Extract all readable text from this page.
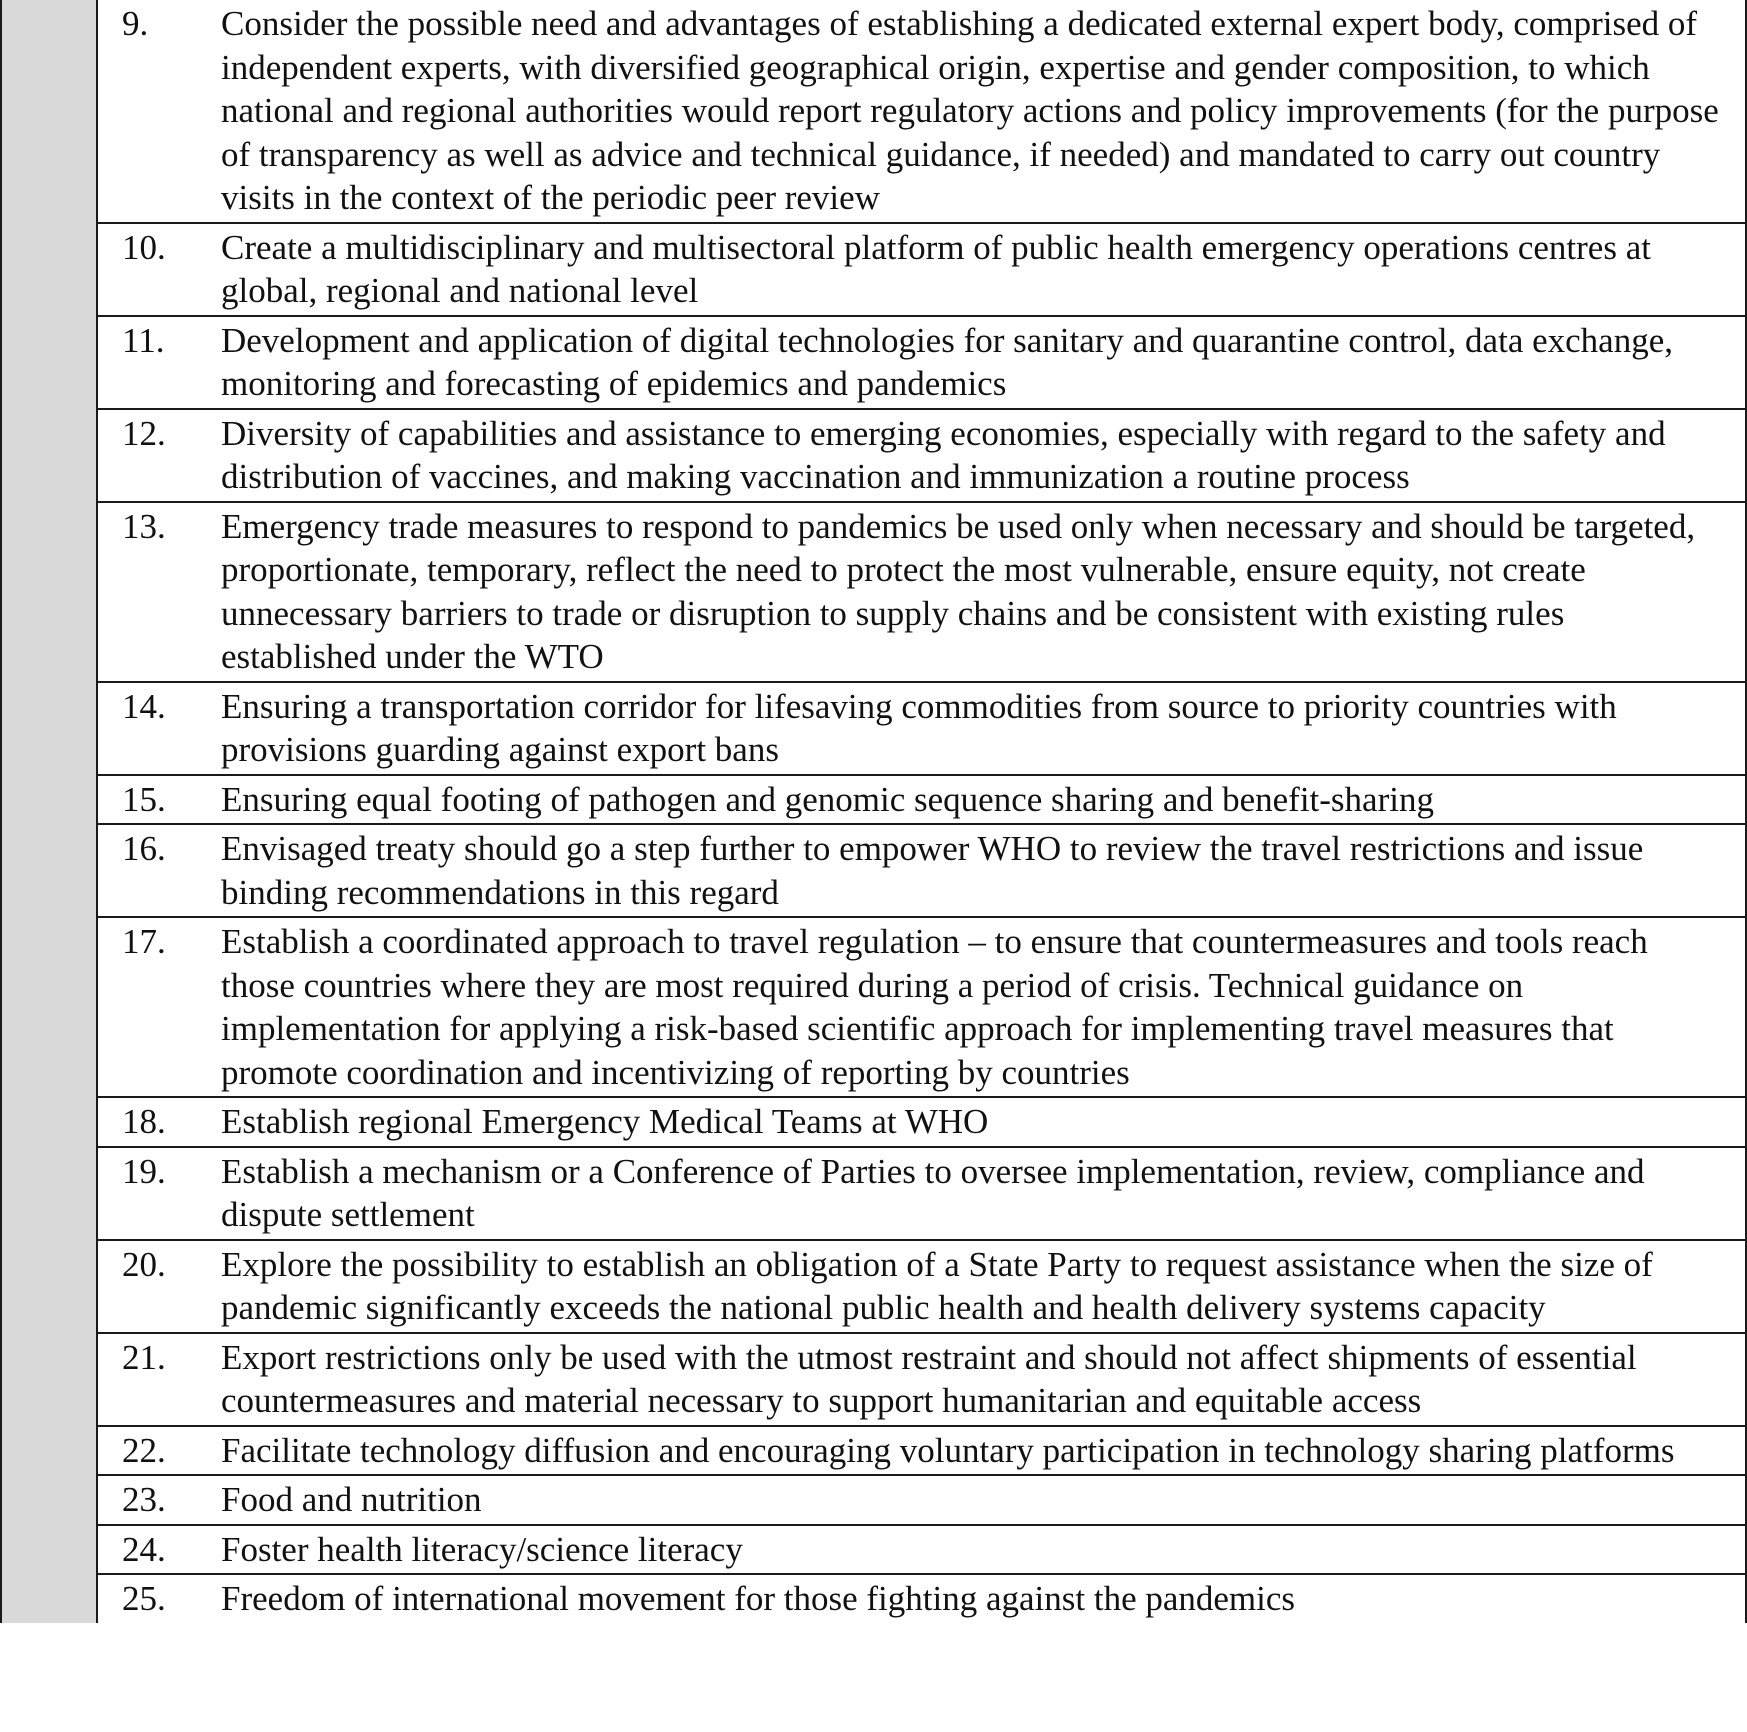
	9.	Consider the possible need and advantages of establishing a dedicated external expert body, comprised of independent experts, with diversified geographical origin, expertise and gender composition, to which national and regional authorities would report regulatory actions and policy improvements (for the purpose of transparency as well as advice and technical guidance, if needed) and mandated to carry out country visits in the context of the periodic peer review
	10.	Create a multidisciplinary and multisectoral platform of public health emergency operations centres at global, regional and national level
	11.	Development and application of digital technologies for sanitary and quarantine control, data exchange, monitoring and forecasting of epidemics and pandemics
	12.	Diversity of capabilities and assistance to emerging economies, especially with regard to the safety and distribution of vaccines, and making vaccination and immunization a routine process
	13.	Emergency trade measures to respond to pandemics be used only when necessary and should be targeted, proportionate, temporary, reflect the need to protect the most vulnerable, ensure equity, not create unnecessary barriers to trade or disruption to supply chains and be consistent with existing rules established under the WTO
	14.	Ensuring a transportation corridor for lifesaving commodities from source to priority countries with provisions guarding against export bans
	15.	Ensuring equal footing of pathogen and genomic sequence sharing and benefit-sharing
	16.	Envisaged treaty should go a step further to empower WHO to review the travel restrictions and issue binding recommendations in this regard
	17.	Establish a coordinated approach to travel regulation – to ensure that countermeasures and tools reach those countries where they are most required during a period of crisis. Technical guidance on implementation for applying a risk-based scientific approach for implementing travel measures that promote coordination and incentivizing of reporting by countries
	18.	Establish regional Emergency Medical Teams at WHO
	19.	Establish a mechanism or a Conference of Parties to oversee implementation, review, compliance and dispute settlement
	20.	Explore the possibility to establish an obligation of a State Party to request assistance when the size of pandemic significantly exceeds the national public health and health delivery systems capacity
	21.	Export restrictions only be used with the utmost restraint and should not affect shipments of essential countermeasures and material necessary to support humanitarian and equitable access
	22.	Facilitate technology diffusion and encouraging voluntary participation in technology sharing platforms
	23.	Food and nutrition
	24.	Foster health literacy/science literacy
	25.	Freedom of international movement for those fighting against the pandemics
